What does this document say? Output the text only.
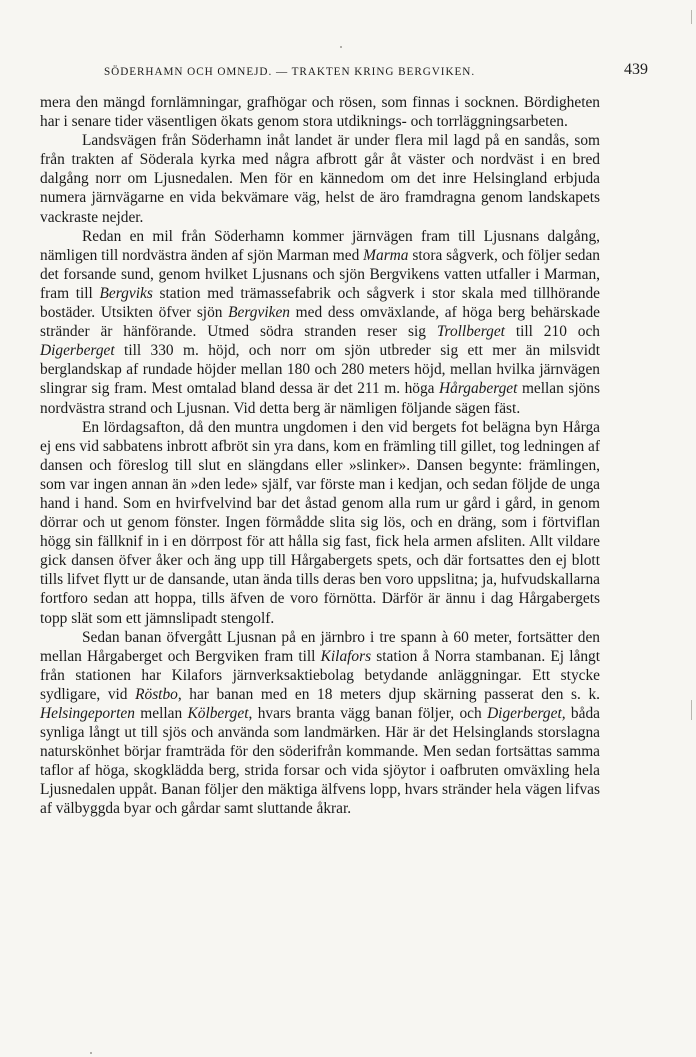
SÖDERHAMN OCH OMNEJD. — TRAKTEN KRING BERGVIKEN.	439

mera den mängd fornlämningar, grafhögar och rösen, som finnas i socknen. Bördigheten har i senare tider väsentligen ökats genom stora utdiknings- och torrläggningsarbeten.

Landsvägen från Söderhamn inåt landet är under flera mil lagd på en sandås, som från trakten af Söderala kyrka med några afbrott går åt väster och nordväst i en bred dalgång norr om Ljusnedalen. Men för en kännedom om det inre Helsingland erbjuda numera järnvägarne en vida bekvämare väg, helst de äro framdragna genom landskapets vackraste nejder.

Redan en mil från Söderhamn kommer järnvägen fram till Ljusnans dalgång, nämligen till nordvästra änden af sjön Marman med Marma stora sågverk, och följer sedan det forsande sund, genom hvilket Ljusnans och sjön Bergvikens vatten utfaller i Marman, fram till Bergviks station med trämassefabrik och sågverk i stor skala med tillhörande bostäder. Utsikten öfver sjön Bergviken med dess omväxlande, af höga berg behärskade stränder är hänförande. Utmed södra stranden reser sig Trollberget till 210 och Digerberget till 330 m. höjd, och norr om sjön utbreder sig ett mer än milsvidt berglandskap af rundade höjder mellan 180 och 280 meters höjd, mellan hvilka järnvägen slingrar sig fram. Mest omtalad bland dessa är det 211 m. höga Hårgaberget mellan sjöns nordvästra strand och Ljusnan. Vid detta berg är nämligen följande sägen fäst.

En lördagsafton, då den muntra ungdomen i den vid bergets fot belägna byn Hårga ej ens vid sabbatens inbrott afbröt sin yra dans, kom en främling till gillet, tog ledningen af dansen och föreslog till slut en slängdans eller »slinker». Dansen begynte: främlingen, som var ingen annan än »den lede» själf, var förste man i kedjan, och sedan följde de unga hand i hand. Som en hvirfvelvind bar det åstad genom alla rum ur gård i gård, in genom dörrar och ut genom fönster. Ingen förmådde slita sig lös, och en dräng, som i förtviflan högg sin fällknif in i en dörrpost för att hålla sig fast, fick hela armen afsliten. Allt vildare gick dansen öfver åker och äng upp till Hårgabergets spets, och där fortsattes den ej blott tills lifvet flytt ur de dansande, utan ända tills deras ben voro uppslitna; ja, hufvudskallarna fortforo sedan att hoppa, tills äfven de voro förnötta. Därför är ännu i dag Hårgabergets topp slät som ett jämnslipadt stengolf.

Sedan banan öfvergått Ljusnan på en järnbro i tre spann à 60 meter, fortsätter den mellan Hårgaberget och Bergviken fram till Kilafors station å Norra stambanan. Ej långt från stationen har Kilafors järnverksaktiebolag betydande anläggningar. Ett stycke sydligare, vid Röstbo, har banan med en 18 meters djup skärning passerat den s. k. Helsingeporten mellan Kölberget, hvars branta vägg banan följer, och Digerberget, båda synliga långt ut till sjös och använda som landmärken. Här är det Helsinglands storslagna naturskönhet börjar framträda för den söderifrån kommande. Men sedan fortsättas samma taflor af höga, skogklädda berg, strida forsar och vida sjöytor i oafbruten omväxling hela Ljusnedalen uppåt. Banan följer den mäktiga älfvens lopp, hvars stränder hela vägen lifvas af välbyggda byar och gårdar samt sluttande åkrar.
